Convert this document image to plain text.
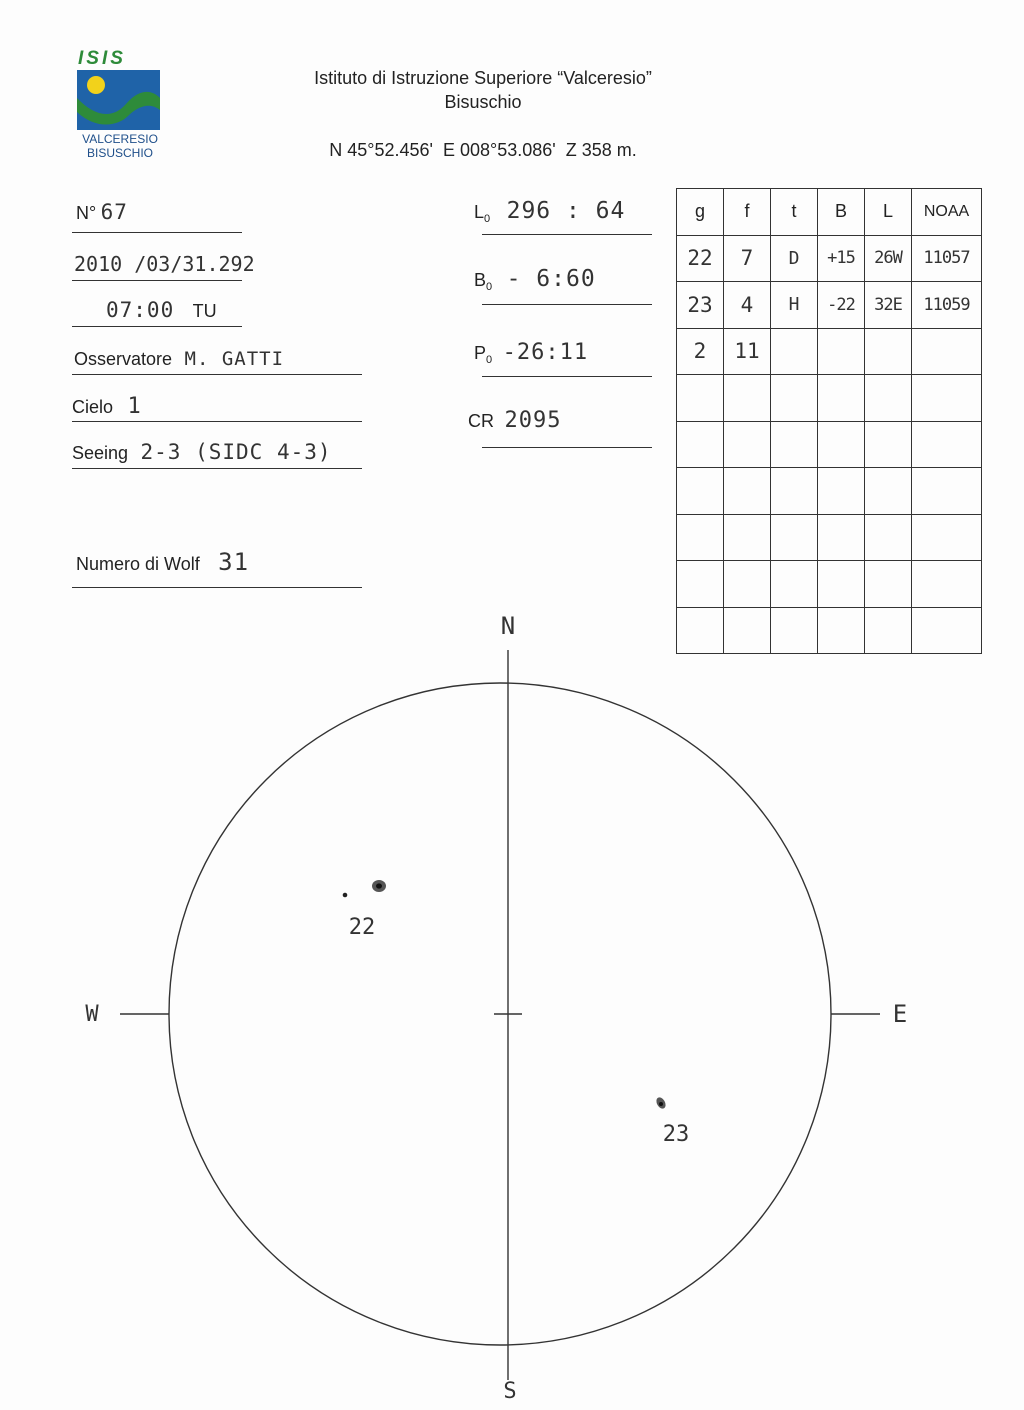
ISIS
VALCERESIO
BISUSCHIO
Istituto di Istruzione Superiore “Valceresio”
Bisuschio
N 45°52.456'  E 008°53.086'  Z 358 m.
N° 67
2010 /03/31.292
07:00 TU
Osservatore M. GATTI
Cielo 1
Seeing 2-3 (SIDC 4-3)
Numero di Wolf 31
$L_0$ 296 : 64
$B_0$ - 6:60
$P_0$ -26:11
CR 2095
g	f	t	B	L	NOAA
22	7	D	+15	26W	11057
23	4	H	-22	32E	11059
2	11				

N
S
W	E
22
23
